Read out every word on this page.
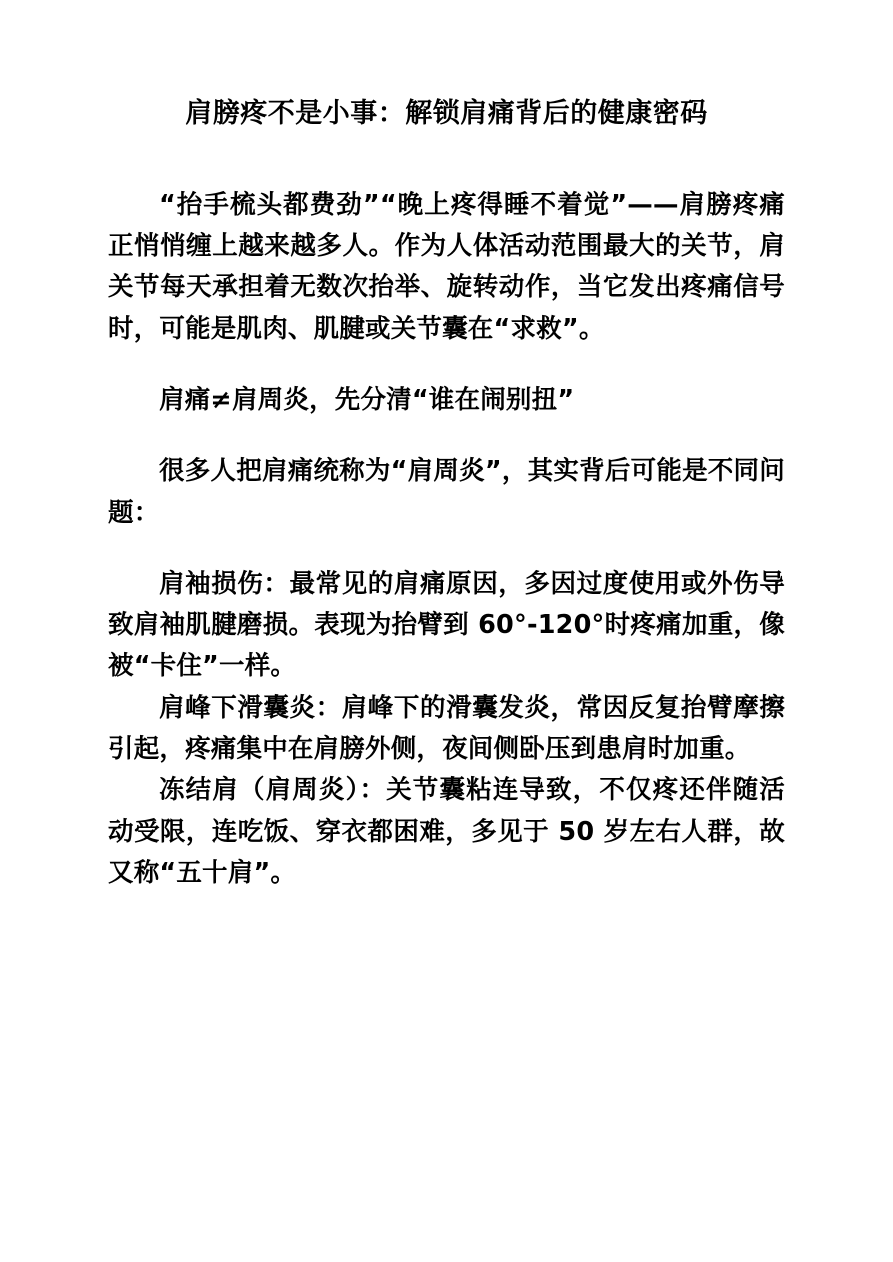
肩膀疼不是小事：解锁肩痛背后的健康密码

“抬手梳头都费劲”“晚上疼得睡不着觉”——肩膀疼痛正悄悄缠上越来越多人。作为人体活动范围最大的关节，肩关节每天承担着无数次抬举、旋转动作，当它发出疼痛信号时，可能是肌肉、肌腱或关节囊在“求救”。

肩痛≠肩周炎，先分清“谁在闹别扭”

很多人把肩痛统称为“肩周炎”，其实背后可能是不同问题：

肩袖损伤：最常见的肩痛原因，多因过度使用或外伤导致肩袖肌腱磨损。表现为抬臂到 60°-120°时疼痛加重，像被“卡住”一样。

肩峰下滑囊炎：肩峰下的滑囊发炎，常因反复抬臂摩擦引起，疼痛集中在肩膀外侧，夜间侧卧压到患肩时加重。

冻结肩（肩周炎）：关节囊粘连导致，不仅疼还伴随活动受限，连吃饭、穿衣都困难，多见于 50 岁左右人群，故又称“五十肩”。
